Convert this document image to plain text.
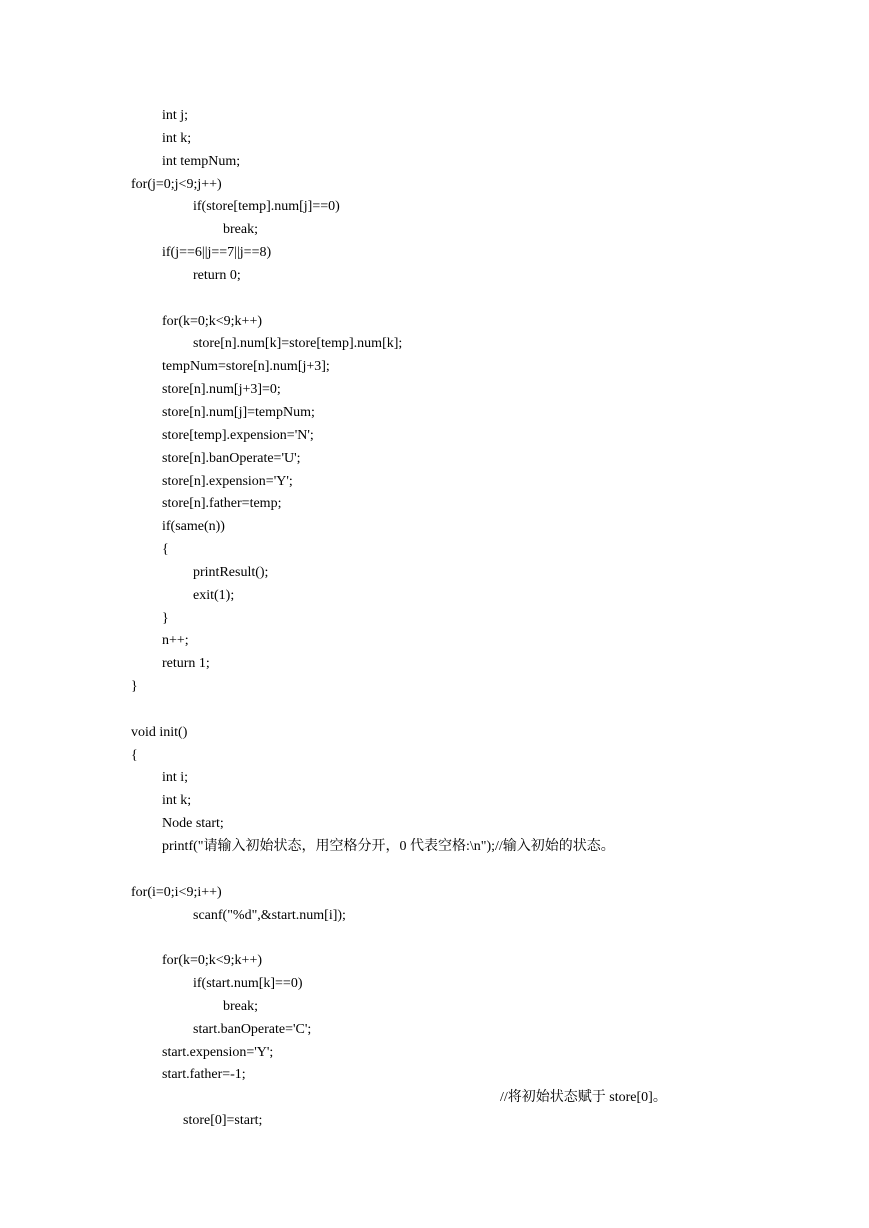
int j;
int k;
int tempNum;
for(j=0;j<9;j++)
if(store[temp].num[j]==0)
break;
if(j==6||j==7||j==8)
return 0;
for(k=0;k<9;k++)
store[n].num[k]=store[temp].num[k];
tempNum=store[n].num[j+3];
store[n].num[j+3]=0;
store[n].num[j]=tempNum;
store[temp].expension='N';
store[n].banOperate='U';
store[n].expension='Y';
store[n].father=temp;
if(same(n))
{
printResult();
exit(1);
}
n++;
return 1;
}
void init()
{
int i;
int k;
Node start;
printf("请输入初始状态，用空格分开，0 代表空格:\n");//输入初始的状态。
for(i=0;i<9;i++)
scanf("%d",&start.num[i]);
for(k=0;k<9;k++)
if(start.num[k]==0)
break;
start.banOperate='C';
start.expension='Y';
start.father=-1;

store[0]=start;

//将初始状态赋于 store[0]。
